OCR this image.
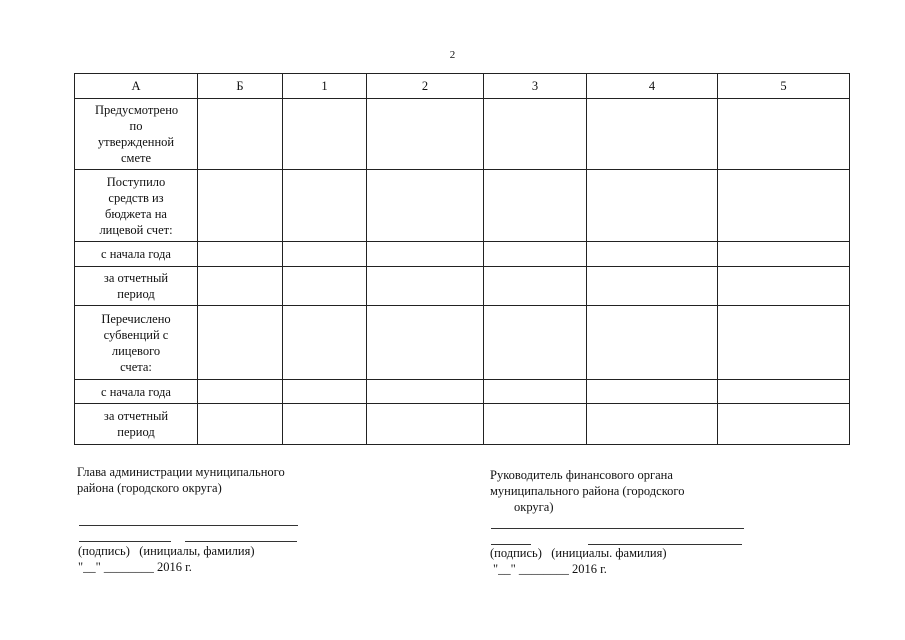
2
А	Б	1	2	3	4	5

Предусмотрено по утвержденной смете						

Поступило средств из бюджета на лицевой счет:						

с начала года						

за отчетный период						

Перечислено субвенций с лицевого счета:						

с начала года						

за отчетный период						

Глава администрации муниципального
района (городского округа)
(подпись)   (инициалы, фамилия)
"__" ________ 2016 г.
Руководитель финансового органа
муниципального района (городского
округа)
(подпись)   (инициалы. фамилия)
"__" ________ 2016 г.
